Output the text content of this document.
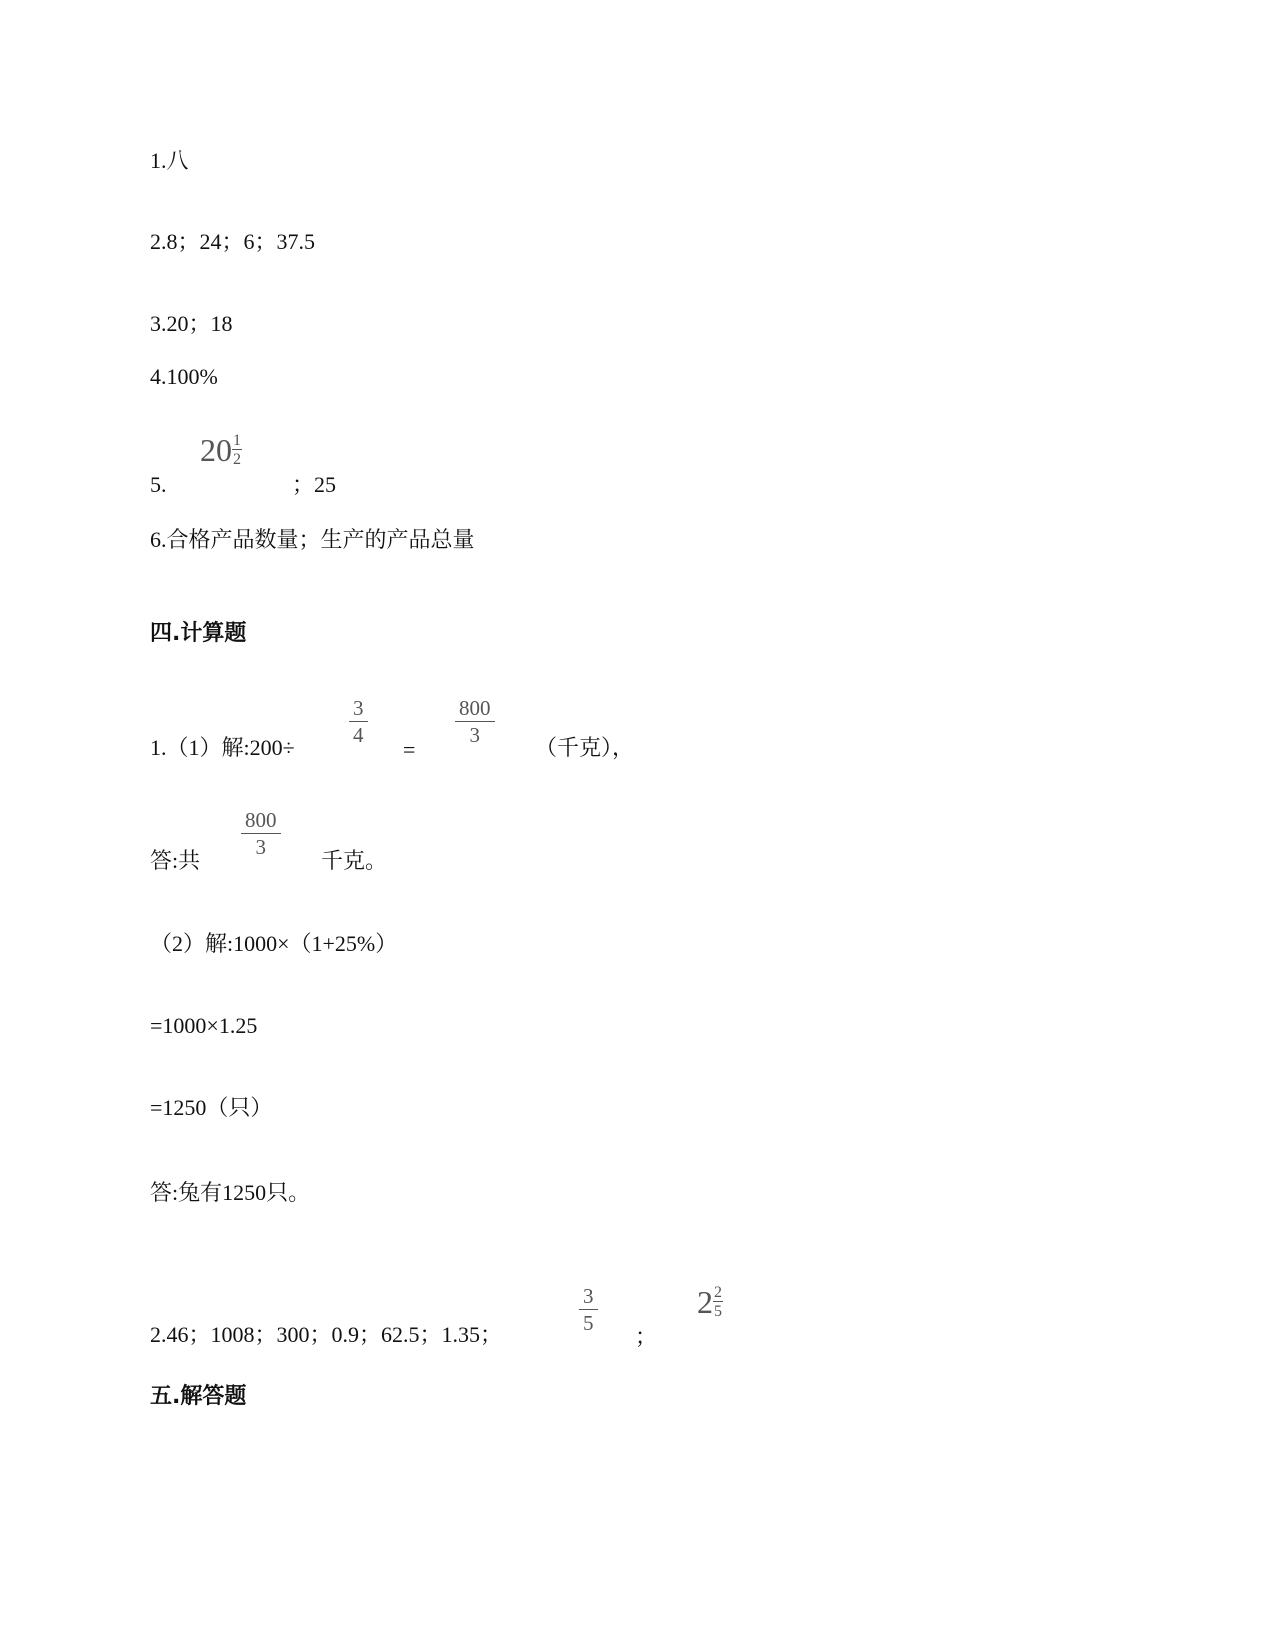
1.八
2.8；24；6；37.5
3.20；18
4.100%
5.
$20 \frac{1}{2}$
；25
6.合格产品数量；生产的产品总量
四.计算题
1.（1）解:200÷
$\frac{3}{4}$
=
$\frac{800}{3}$
（千克），
答:共
$\frac{800}{3}$
千克。
（2）解:1000×（1+25%）
=1000×1.25
=1250（只）
答:兔有1250只。
2.46；1008；300；0.9；62.5；1.35；	$\frac{3}{5}$
；
$2 \frac{2}{5}$
五.解答题
